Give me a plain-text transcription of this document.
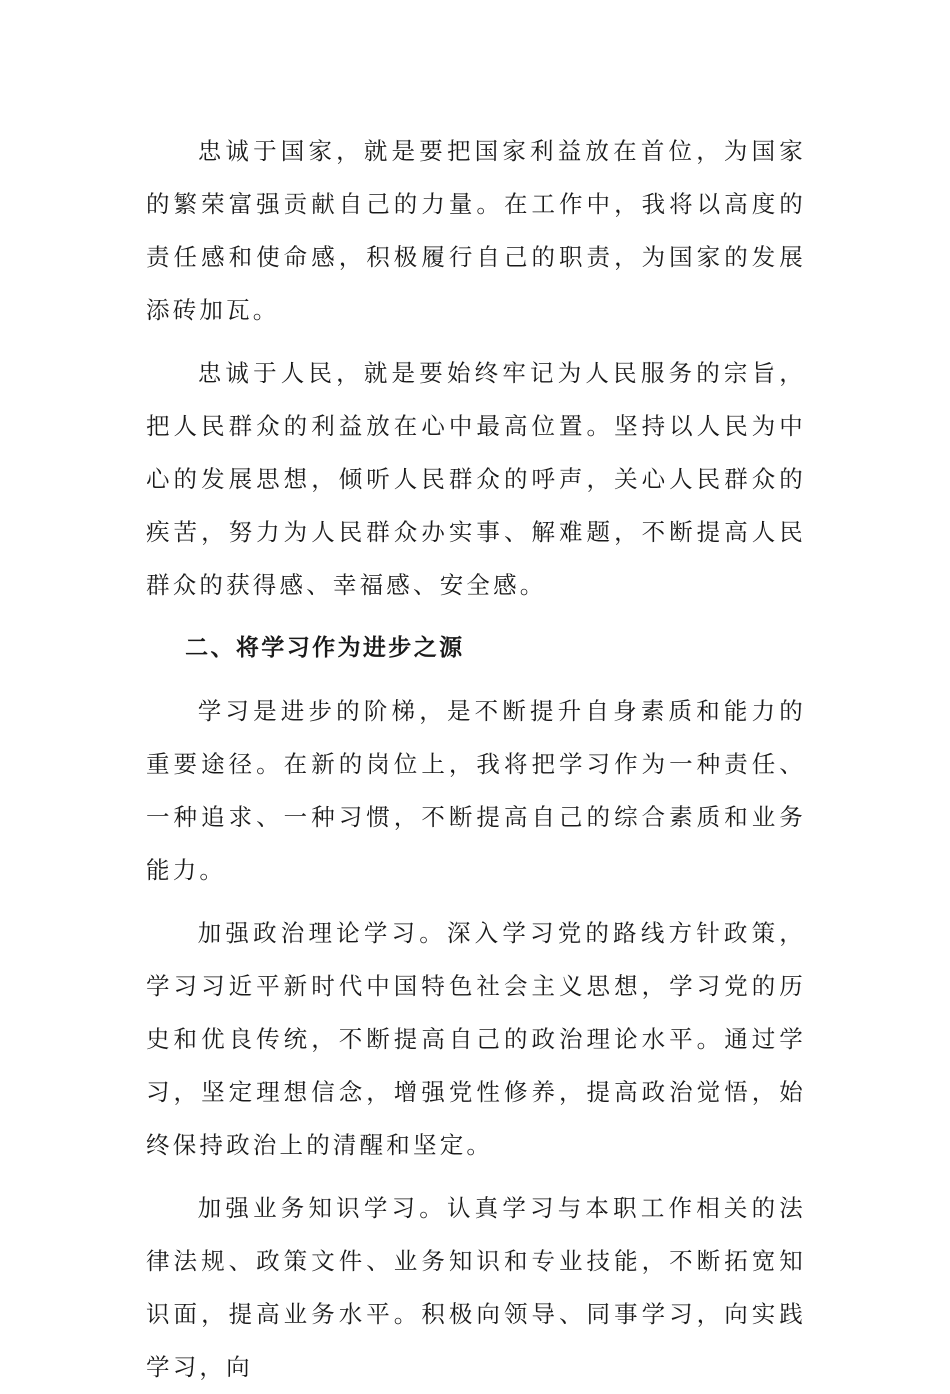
忠诚于国家，就是要把国家利益放在首位，为国家的繁荣富强贡献自己的力量。在工作中，我将以高度的责任感和使命感，积极履行自己的职责，为国家的发展添砖加瓦。

忠诚于人民，就是要始终牢记为人民服务的宗旨，把人民群众的利益放在心中最高位置。坚持以人民为中心的发展思想，倾听人民群众的呼声，关心人民群众的疾苦，努力为人民群众办实事、解难题，不断提高人民群众的获得感、幸福感、安全感。

二、将学习作为进步之源

学习是进步的阶梯，是不断提升自身素质和能力的重要途径。在新的岗位上，我将把学习作为一种责任、一种追求、一种习惯，不断提高自己的综合素质和业务能力。

加强政治理论学习。深入学习党的路线方针政策，学习习近平新时代中国特色社会主义思想，学习党的历史和优良传统，不断提高自己的政治理论水平。通过学习，坚定理想信念，增强党性修养，提高政治觉悟，始终保持政治上的清醒和坚定。

加强业务知识学习。认真学习与本职工作相关的法律法规、政策文件、业务知识和专业技能，不断拓宽知识面，提高业务水平。积极向领导、同事学习，向实践学习，向
